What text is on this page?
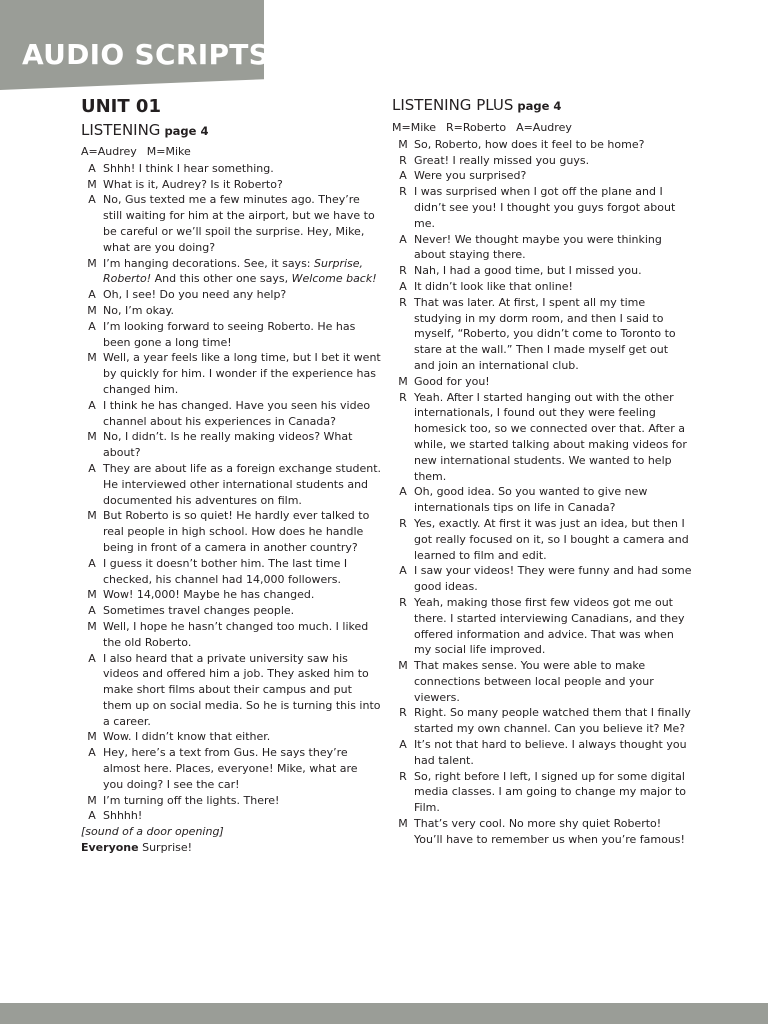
AUDIO SCRIPTS
UNIT 01
LISTENING page 4
A=Audrey M=Mike
A Shhh! I think I hear something.
M What is it, Audrey? Is it Roberto?
A No, Gus texted me a few minutes ago. They’re still waiting for him at the airport, but we have to be careful or we’ll spoil the surprise. Hey, Mike, what are you doing?
M I’m hanging decorations. See, it says: Surprise, Roberto! And this other one says, Welcome back!
A Oh, I see! Do you need any help?
M No, I’m okay.
A I’m looking forward to seeing Roberto. He has been gone a long time!
M Well, a year feels like a long time, but I bet it went by quickly for him. I wonder if the experience has changed him.
A I think he has changed. Have you seen his video channel about his experiences in Canada?
M No, I didn’t. Is he really making videos? What about?
A They are about life as a foreign exchange student. He interviewed other international students and documented his adventures on film.
M But Roberto is so quiet! He hardly ever talked to real people in high school. How does he handle being in front of a camera in another country?
A I guess it doesn’t bother him. The last time I checked, his channel had 14,000 followers.
M Wow! 14,000! Maybe he has changed.
A Sometimes travel changes people.
M Well, I hope he hasn’t changed too much. I liked the old Roberto.
A I also heard that a private university saw his videos and offered him a job. They asked him to make short films about their campus and put them up on social media. So he is turning this into a career.
M Wow. I didn’t know that either.
A Hey, here’s a text from Gus. He says they’re almost here. Places, everyone! Mike, what are you doing? I see the car!
M I’m turning off the lights. There!
A Shhhh!
[sound of a door opening]
Everyone Surprise!
LISTENING PLUS page 4
M=Mike R=Roberto A=Audrey
M So, Roberto, how does it feel to be home?
R Great! I really missed you guys.
A Were you surprised?
R I was surprised when I got off the plane and I didn’t see you! I thought you guys forgot about me.
A Never! We thought maybe you were thinking about staying there.
R Nah, I had a good time, but I missed you.
A It didn’t look like that online!
R That was later. At first, I spent all my time studying in my dorm room, and then I said to myself, “Roberto, you didn’t come to Toronto to stare at the wall.” Then I made myself get out and join an international club.
M Good for you!
R Yeah. After I started hanging out with the other internationals, I found out they were feeling homesick too, so we connected over that. After a while, we started talking about making videos for new international students. We wanted to help them.
A Oh, good idea. So you wanted to give new internationals tips on life in Canada?
R Yes, exactly. At first it was just an idea, but then I got really focused on it, so I bought a camera and learned to film and edit.
A I saw your videos! They were funny and had some good ideas.
R Yeah, making those first few videos got me out there. I started interviewing Canadians, and they offered information and advice. That was when my social life improved.
M That makes sense. You were able to make connections between local people and your viewers.
R Right. So many people watched them that I finally started my own channel. Can you believe it? Me?
A It’s not that hard to believe. I always thought you had talent.
R So, right before I left, I signed up for some digital media classes. I am going to change my major to Film.
M That’s very cool. No more shy quiet Roberto! You’ll have to remember us when you’re famous!
